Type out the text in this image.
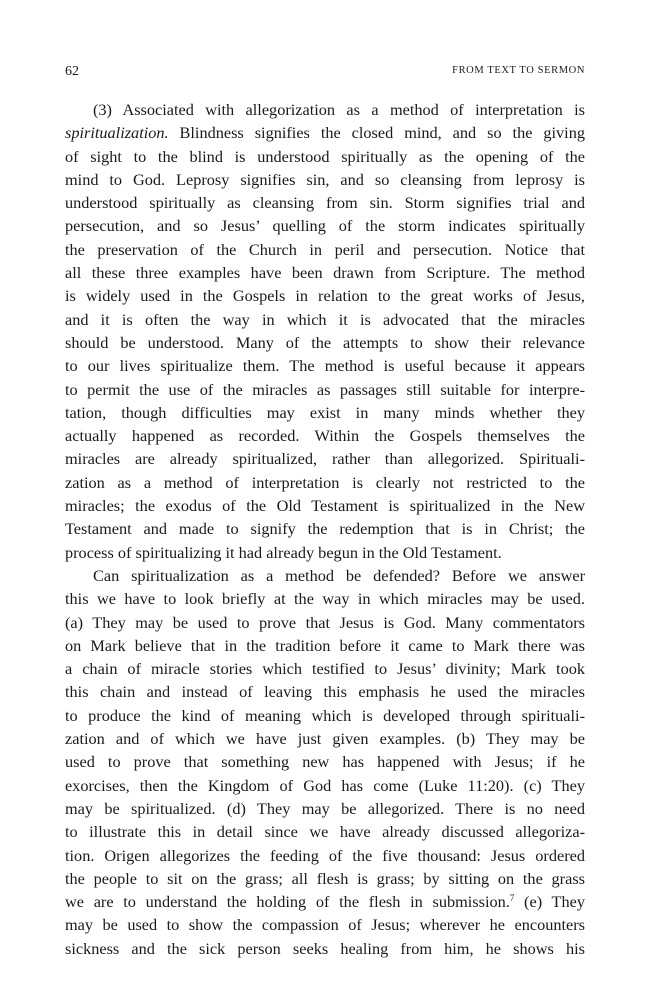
62	FROM TEXT TO SERMON
(3) Associated with allegorization as a method of interpretation is
spiritualization. Blindness signifies the closed mind, and so the giving
of sight to the blind is understood spiritually as the opening of the
mind to God. Leprosy signifies sin, and so cleansing from leprosy is
understood spiritually as cleansing from sin. Storm signifies trial and
persecution, and so Jesus’ quelling of the storm indicates spiritually
the preservation of the Church in peril and persecution. Notice that
all these three examples have been drawn from Scripture. The method
is widely used in the Gospels in relation to the great works of Jesus,
and it is often the way in which it is advocated that the miracles
should be understood. Many of the attempts to show their relevance
to our lives spiritualize them. The method is useful because it appears
to permit the use of the miracles as passages still suitable for interpre-
tation, though difficulties may exist in many minds whether they
actually happened as recorded. Within the Gospels themselves the
miracles are already spiritualized, rather than allegorized. Spirituali-
zation as a method of interpretation is clearly not restricted to the
miracles; the exodus of the Old Testament is spiritualized in the New
Testament and made to signify the redemption that is in Christ; the
process of spiritualizing it had already begun in the Old Testament.
Can spiritualization as a method be defended? Before we answer
this we have to look briefly at the way in which miracles may be used.
(a) They may be used to prove that Jesus is God. Many commentators
on Mark believe that in the tradition before it came to Mark there was
a chain of miracle stories which testified to Jesus’ divinity; Mark took
this chain and instead of leaving this emphasis he used the miracles
to produce the kind of meaning which is developed through spirituali-
zation and of which we have just given examples. (b) They may be
used to prove that something new has happened with Jesus; if he
exorcises, then the Kingdom of God has come (Luke 11:20). (c) They
may be spiritualized. (d) They may be allegorized. There is no need
to illustrate this in detail since we have already discussed allegoriza-
tion. Origen allegorizes the feeding of the five thousand: Jesus ordered
the people to sit on the grass; all flesh is grass; by sitting on the grass
we are to understand the holding of the flesh in submission.$^7$ (e) They
may be used to show the compassion of Jesus; wherever he encounters
sickness and the sick person seeks healing from him, he shows his
